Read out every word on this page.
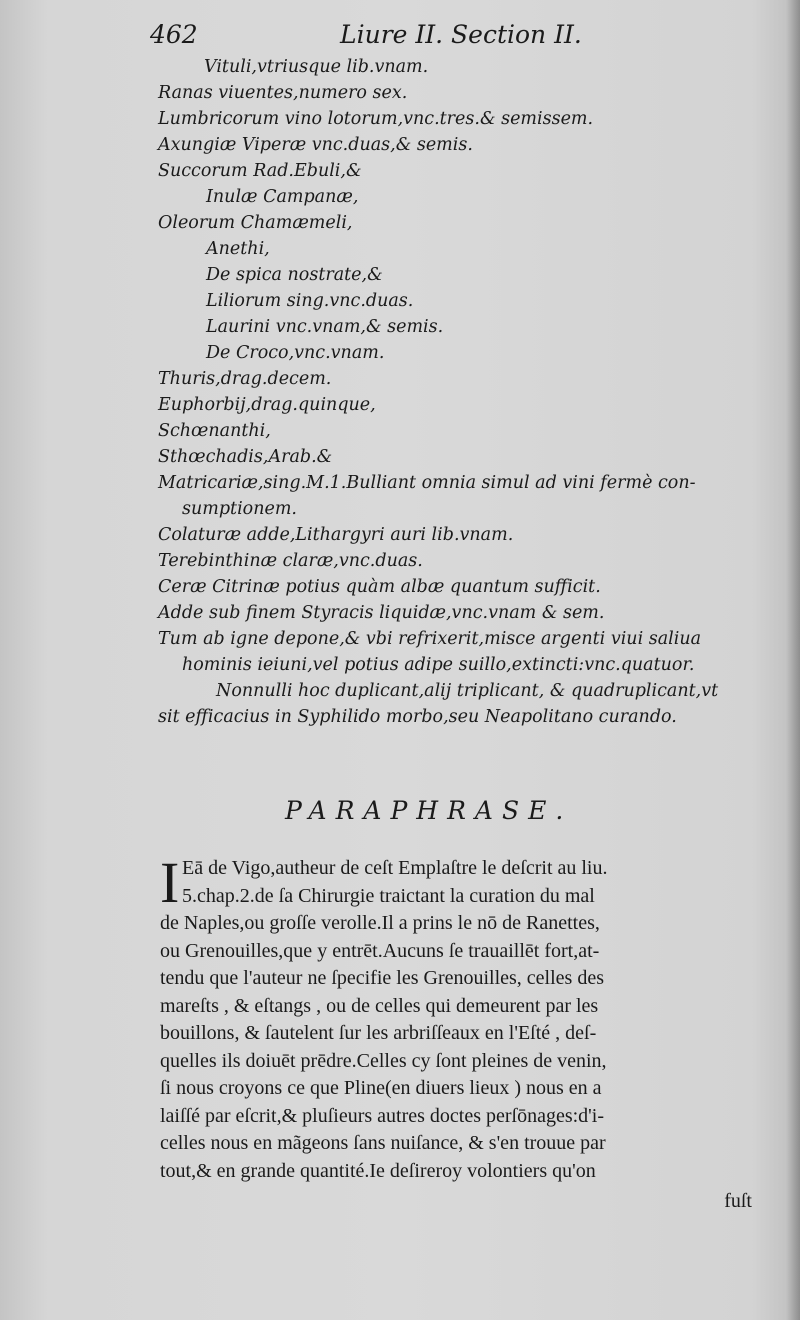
462	Liure II. Section II.
Vituli,vtriusque lib.vnam.
Ranas viuentes,numero sex.
Lumbricorum vino lotorum,vnc.tres.& semissem.
Axungiæ Viperæ vnc.duas,& semis.
Succorum Rad.Ebuli,&
Inulæ Campanæ,
Oleorum Chamæmeli,
Anethi,
De spica nostrate,&
Liliorum sing.vnc.duas.
Laurini vnc.vnam,& semis.
De Croco,vnc.vnam.
Thuris,drag.decem.
Euphorbij,drag.quinque,
Schœnanthi,
Sthœchadis,Arab.&
Matricariæ,sing.M.1.Bulliant omnia simul ad vini fermè con-
sumptionem.
Colaturæ adde,Lithargyri auri lib.vnam.
Terebinthinæ claræ,vnc.duas.
Ceræ Citrinæ potius quàm albæ quantum sufficit.
Adde sub finem Styracis liquidæ,vnc.vnam & sem.
Tum ab igne depone,& vbi refrixerit,misce argenti viui saliua
hominis ieiuni,vel potius adipe suillo,extincti:vnc.quatuor.
Nonnulli hoc duplicant,alij triplicant, & quadruplicant,vt
sit efficacius in Syphilido morbo,seu Neapolitano curando.
PARAPHRASE.
I Eā de Vigo,autheur de ceſt Emplaſtre le deſcrit au liu.
5.chap.2.de ſa Chirurgie traictant la curation du mal
de Naples,ou groſſe verolle.Il a prins le nō de Ranettes,
ou Grenouilles,que y entrēt.Aucuns ſe trauaillēt fort,at-
tendu que l'auteur ne ſpecifie les Grenouilles, celles des
mareſts , & eſtangs , ou de celles qui demeurent par les
bouillons, & ſautelent ſur les arbriſſeaux en l'Eſté , deſ-
quelles ils doiuēt prēdre.Celles cy ſont pleines de venin,
ſi nous croyons ce que Pline(en diuers lieux ) nous en a
laiſſé par eſcrit,& pluſieurs autres doctes perſōnages:d'i-
celles nous en mãgeons ſans nuiſance, & s'en trouue par
tout,& en grande quantité.Ie deſireroy volontiers qu'on
fuſt
